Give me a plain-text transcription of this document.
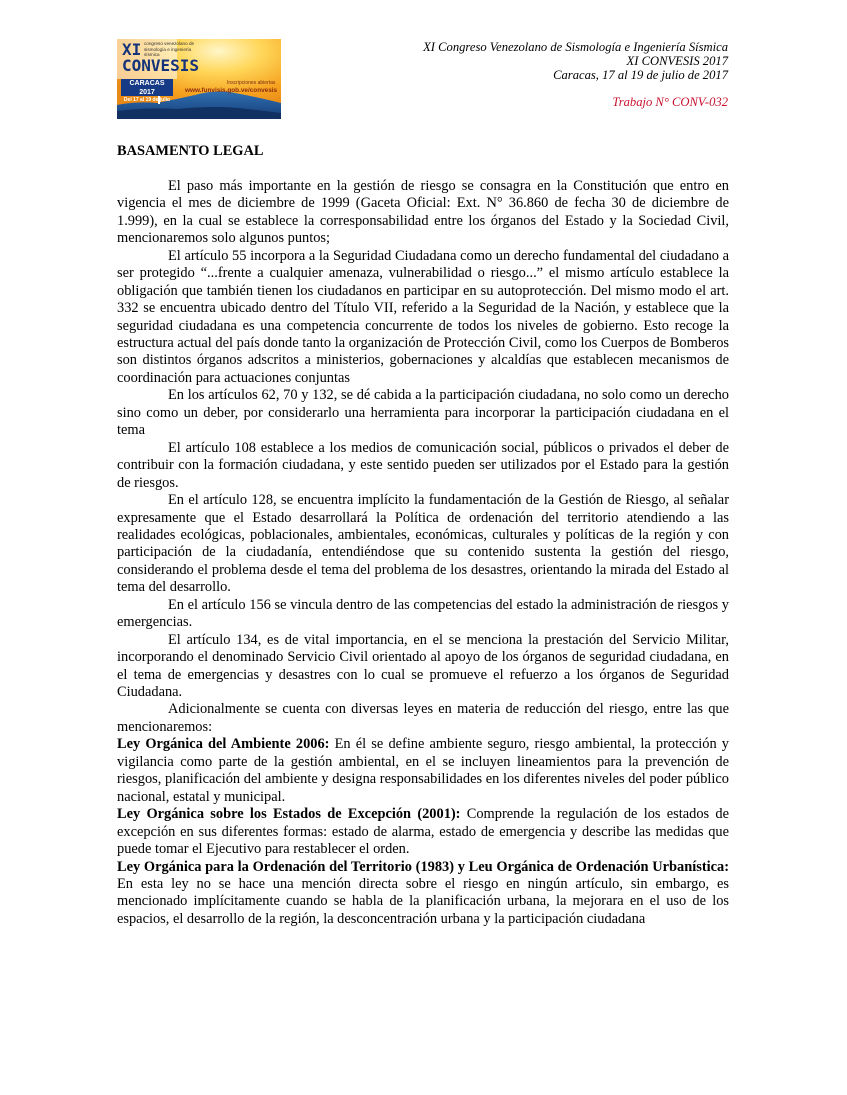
XI
CONVESIS
congreso venezolano de sismología e ingeniería sísmica
CARACAS 2017
Del 17 al 19 de julio
Inscripciones abiertas
www.funvisis.gob.ve/convesis
XI Congreso Venezolano de Sismología e Ingeniería Sísmica
XI CONVESIS 2017
Caracas, 17 al 19 de julio de 2017
Trabajo N° CONV-032
BASAMENTO LEGAL

El paso más importante en la gestión de riesgo se consagra en la Constitución que entro en vigencia el mes de diciembre de 1999 (Gaceta Oficial: Ext. N° 36.860 de fecha 30 de diciembre de 1.999), en la cual se establece la corresponsabilidad entre los órganos del Estado y la Sociedad Civil, mencionaremos solo algunos puntos;

El artículo 55 incorpora a la Seguridad Ciudadana como un derecho fundamental del ciudadano a ser protegido “...frente a cualquier amenaza, vulnerabilidad o riesgo...” el mismo artículo establece la obligación que también tienen los ciudadanos en participar en su autoprotección. Del mismo modo el art. 332 se encuentra ubicado dentro del Título VII, referido a la Seguridad de la Nación, y establece que la seguridad ciudadana es una competencia concurrente de todos los niveles de gobierno. Esto recoge la estructura actual del país donde tanto la organización de Protección Civil, como los Cuerpos de Bomberos son distintos órganos adscritos a ministerios, gobernaciones y alcaldías que establecen mecanismos de coordinación para actuaciones conjuntas

En los artículos 62, 70 y 132, se dé cabida a la participación ciudadana, no solo como un derecho sino como un deber, por considerarlo una herramienta para incorporar la participación ciudadana en el tema

El artículo 108 establece a los medios de comunicación social, públicos o privados el deber de contribuir con la formación ciudadana, y este sentido pueden ser utilizados por el Estado para la gestión de riesgos.

En el artículo 128, se encuentra implícito la fundamentación de la Gestión de Riesgo, al señalar expresamente que el Estado desarrollará la Política de ordenación del territorio atendiendo a las realidades ecológicas, poblacionales, ambientales, económicas, culturales y políticas de la región y con participación de la ciudadanía, entendiéndose que su contenido sustenta la gestión del riesgo, considerando el problema desde el tema del problema de los desastres, orientando la mirada del Estado al tema del desarrollo.

En el artículo 156 se vincula dentro de las competencias del estado la administración de riesgos y emergencias.

El artículo 134, es de vital importancia, en el se menciona la prestación del Servicio Militar, incorporando el denominado Servicio Civil orientado al apoyo de los órganos de seguridad ciudadana, en el tema de emergencias y desastres con lo cual se promueve el refuerzo a los órganos de Seguridad Ciudadana.

Adicionalmente se cuenta con diversas leyes en materia de reducción del riesgo, entre las que mencionaremos:

Ley Orgánica del Ambiente 2006: En él se define ambiente seguro, riesgo ambiental, la protección y vigilancia como parte de la gestión ambiental, en el se incluyen lineamientos para la prevención de riesgos, planificación del ambiente y designa responsabilidades en los diferentes niveles del poder público nacional, estatal y municipal.

Ley Orgánica sobre los Estados de Excepción (2001): Comprende la regulación de los estados de excepción en sus diferentes formas: estado de alarma, estado de emergencia y describe las medidas que puede tomar el Ejecutivo para restablecer el orden.

Ley Orgánica para la Ordenación del Territorio (1983) y Leu Orgánica de Ordenación Urbanística: En esta ley no se hace una mención directa sobre el riesgo en ningún artículo, sin embargo, es mencionado implícitamente cuando se habla de la planificación urbana, la mejorara en el uso de los espacios, el desarrollo de la región, la desconcentración urbana y la participación ciudadana
